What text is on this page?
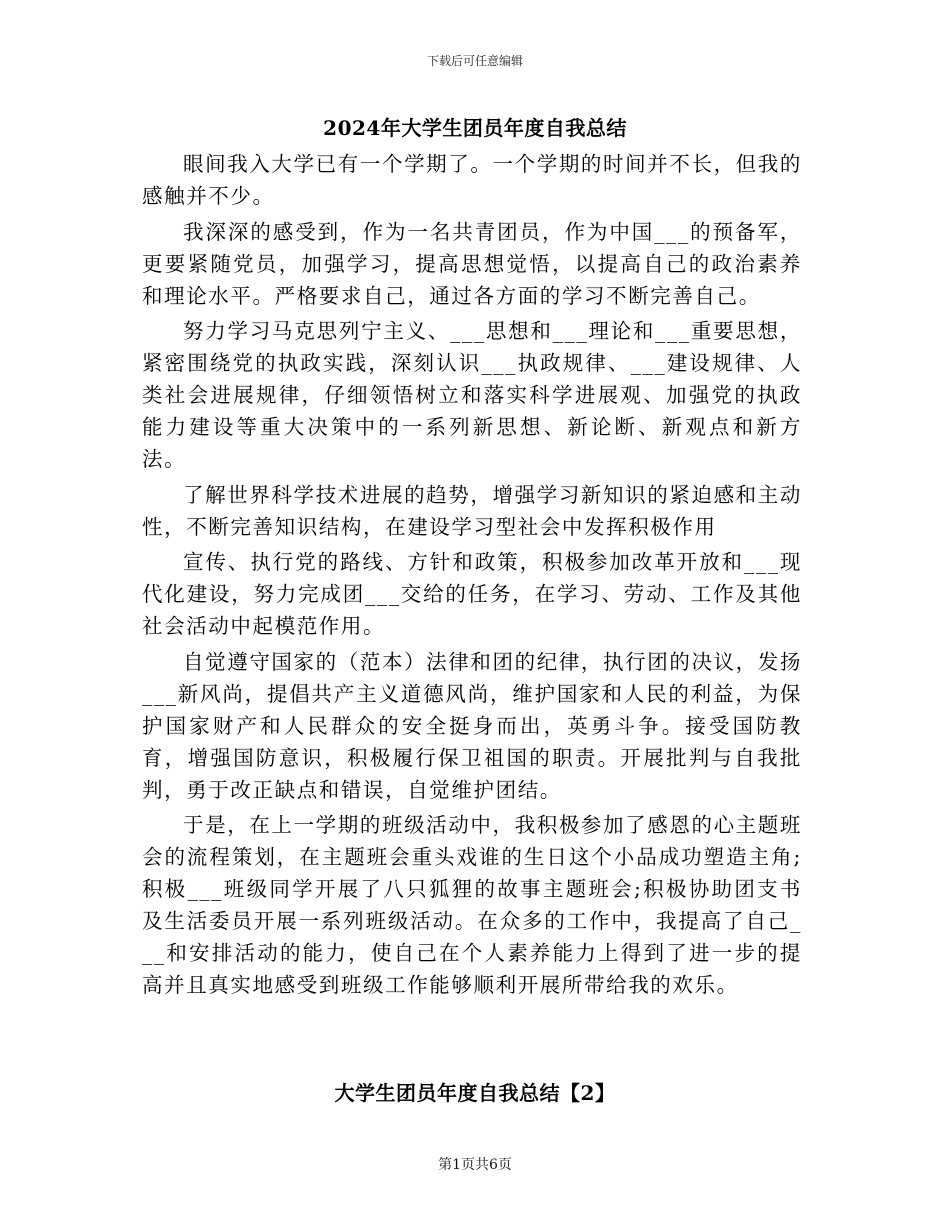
下载后可任意编辑
2024年大学生团员年度自我总结

眼间我入大学已有一个学期了。一个学期的时间并不长，但我的感触并不少。

我深深的感受到，作为一名共青团员，作为中国___的预备军，更要紧随党员，加强学习，提高思想觉悟，以提高自己的政治素养和理论水平。严格要求自己，通过各方面的学习不断完善自己。

努力学习马克思列宁主义、___思想和___理论和___重要思想，紧密围绕党的执政实践，深刻认识___执政规律、___建设规律、人类社会进展规律，仔细领悟树立和落实科学进展观、加强党的执政能力建设等重大决策中的一系列新思想、新论断、新观点和新方法。

了解世界科学技术进展的趋势，增强学习新知识的紧迫感和主动性，不断完善知识结构，在建设学习型社会中发挥积极作用

宣传、执行党的路线、方针和政策，积极参加改革开放和___现代化建设，努力完成团___交给的任务，在学习、劳动、工作及其他社会活动中起模范作用。

自觉遵守国家的（范本）法律和团的纪律，执行团的决议，发扬___新风尚，提倡共产主义道德风尚，维护国家和人民的利益，为保护国家财产和人民群众的安全挺身而出，英勇斗争。接受国防教育，增强国防意识，积极履行保卫祖国的职责。开展批判与自我批判，勇于改正缺点和错误，自觉维护团结。

于是，在上一学期的班级活动中，我积极参加了感恩的心主题班会的流程策划，在主题班会重头戏谁的生日这个小品成功塑造主角;积极___班级同学开展了八只狐狸的故事主题班会;积极协助团支书及生活委员开展一系列班级活动。在众多的工作中，我提高了自己___和安排活动的能力，使自己在个人素养能力上得到了进一步的提高并且真实地感受到班级工作能够顺利开展所带给我的欢乐。

大学生团员年度自我总结【2】
第1页共6页
